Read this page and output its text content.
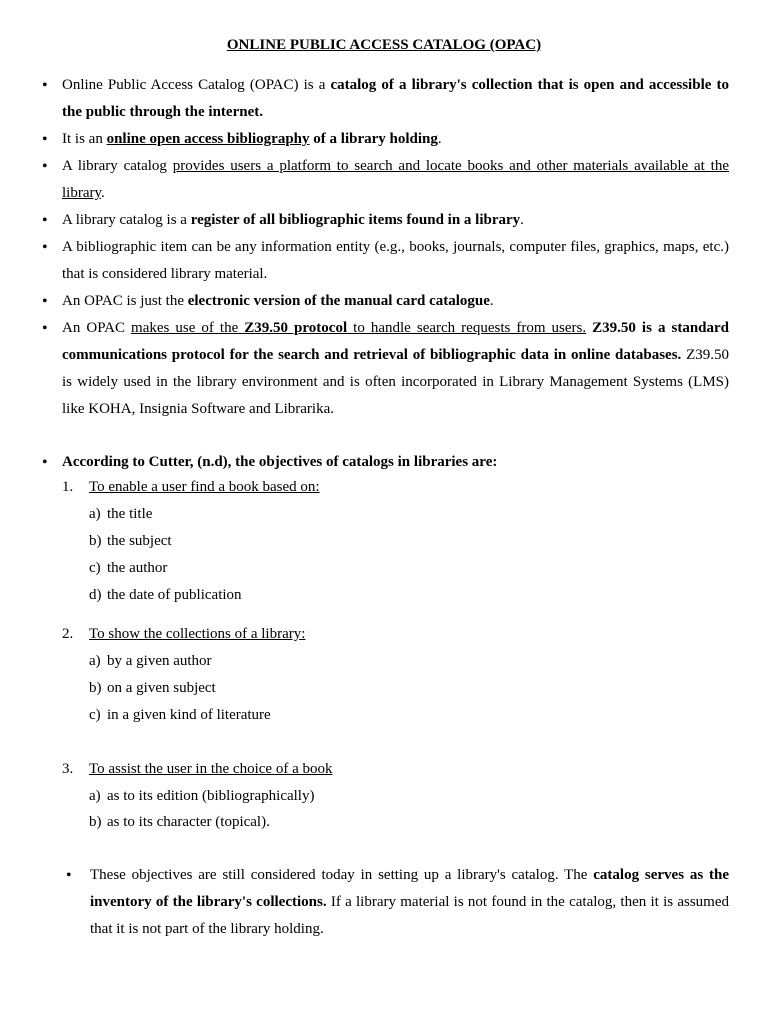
ONLINE PUBLIC ACCESS CATALOG (OPAC)
• Online Public Access Catalog (OPAC) is a catalog of a library's collection that is open and accessible to the public through the internet.
• It is an online open access bibliography of a library holding.
• A library catalog provides users a platform to search and locate books and other materials available at the library.
• A library catalog is a register of all bibliographic items found in a library.
• A bibliographic item can be any information entity (e.g., books, journals, computer files, graphics, maps, etc.) that is considered library material.
• An OPAC is just the electronic version of the manual card catalogue.
• An OPAC makes use of the Z39.50 protocol to handle search requests from users. Z39.50 is a standard communications protocol for the search and retrieval of bibliographic data in online databases. Z39.50 is widely used in the library environment and is often incorporated in Library Management Systems (LMS) like KOHA, Insignia Software and Librarika.
• According to Cutter, (n.d), the objectives of catalogs in libraries are:
1. To enable a user find a book based on:
a) the title
b) the subject
c) the author
d) the date of publication
2. To show the collections of a library:
a) by a given author
b) on a given subject
c) in a given kind of literature
3. To assist the user in the choice of a book
a) as to its edition (bibliographically)
b) as to its character (topical).
• These objectives are still considered today in setting up a library's catalog. The catalog serves as the inventory of the library's collections. If a library material is not found in the catalog, then it is assumed that it is not part of the library holding.
